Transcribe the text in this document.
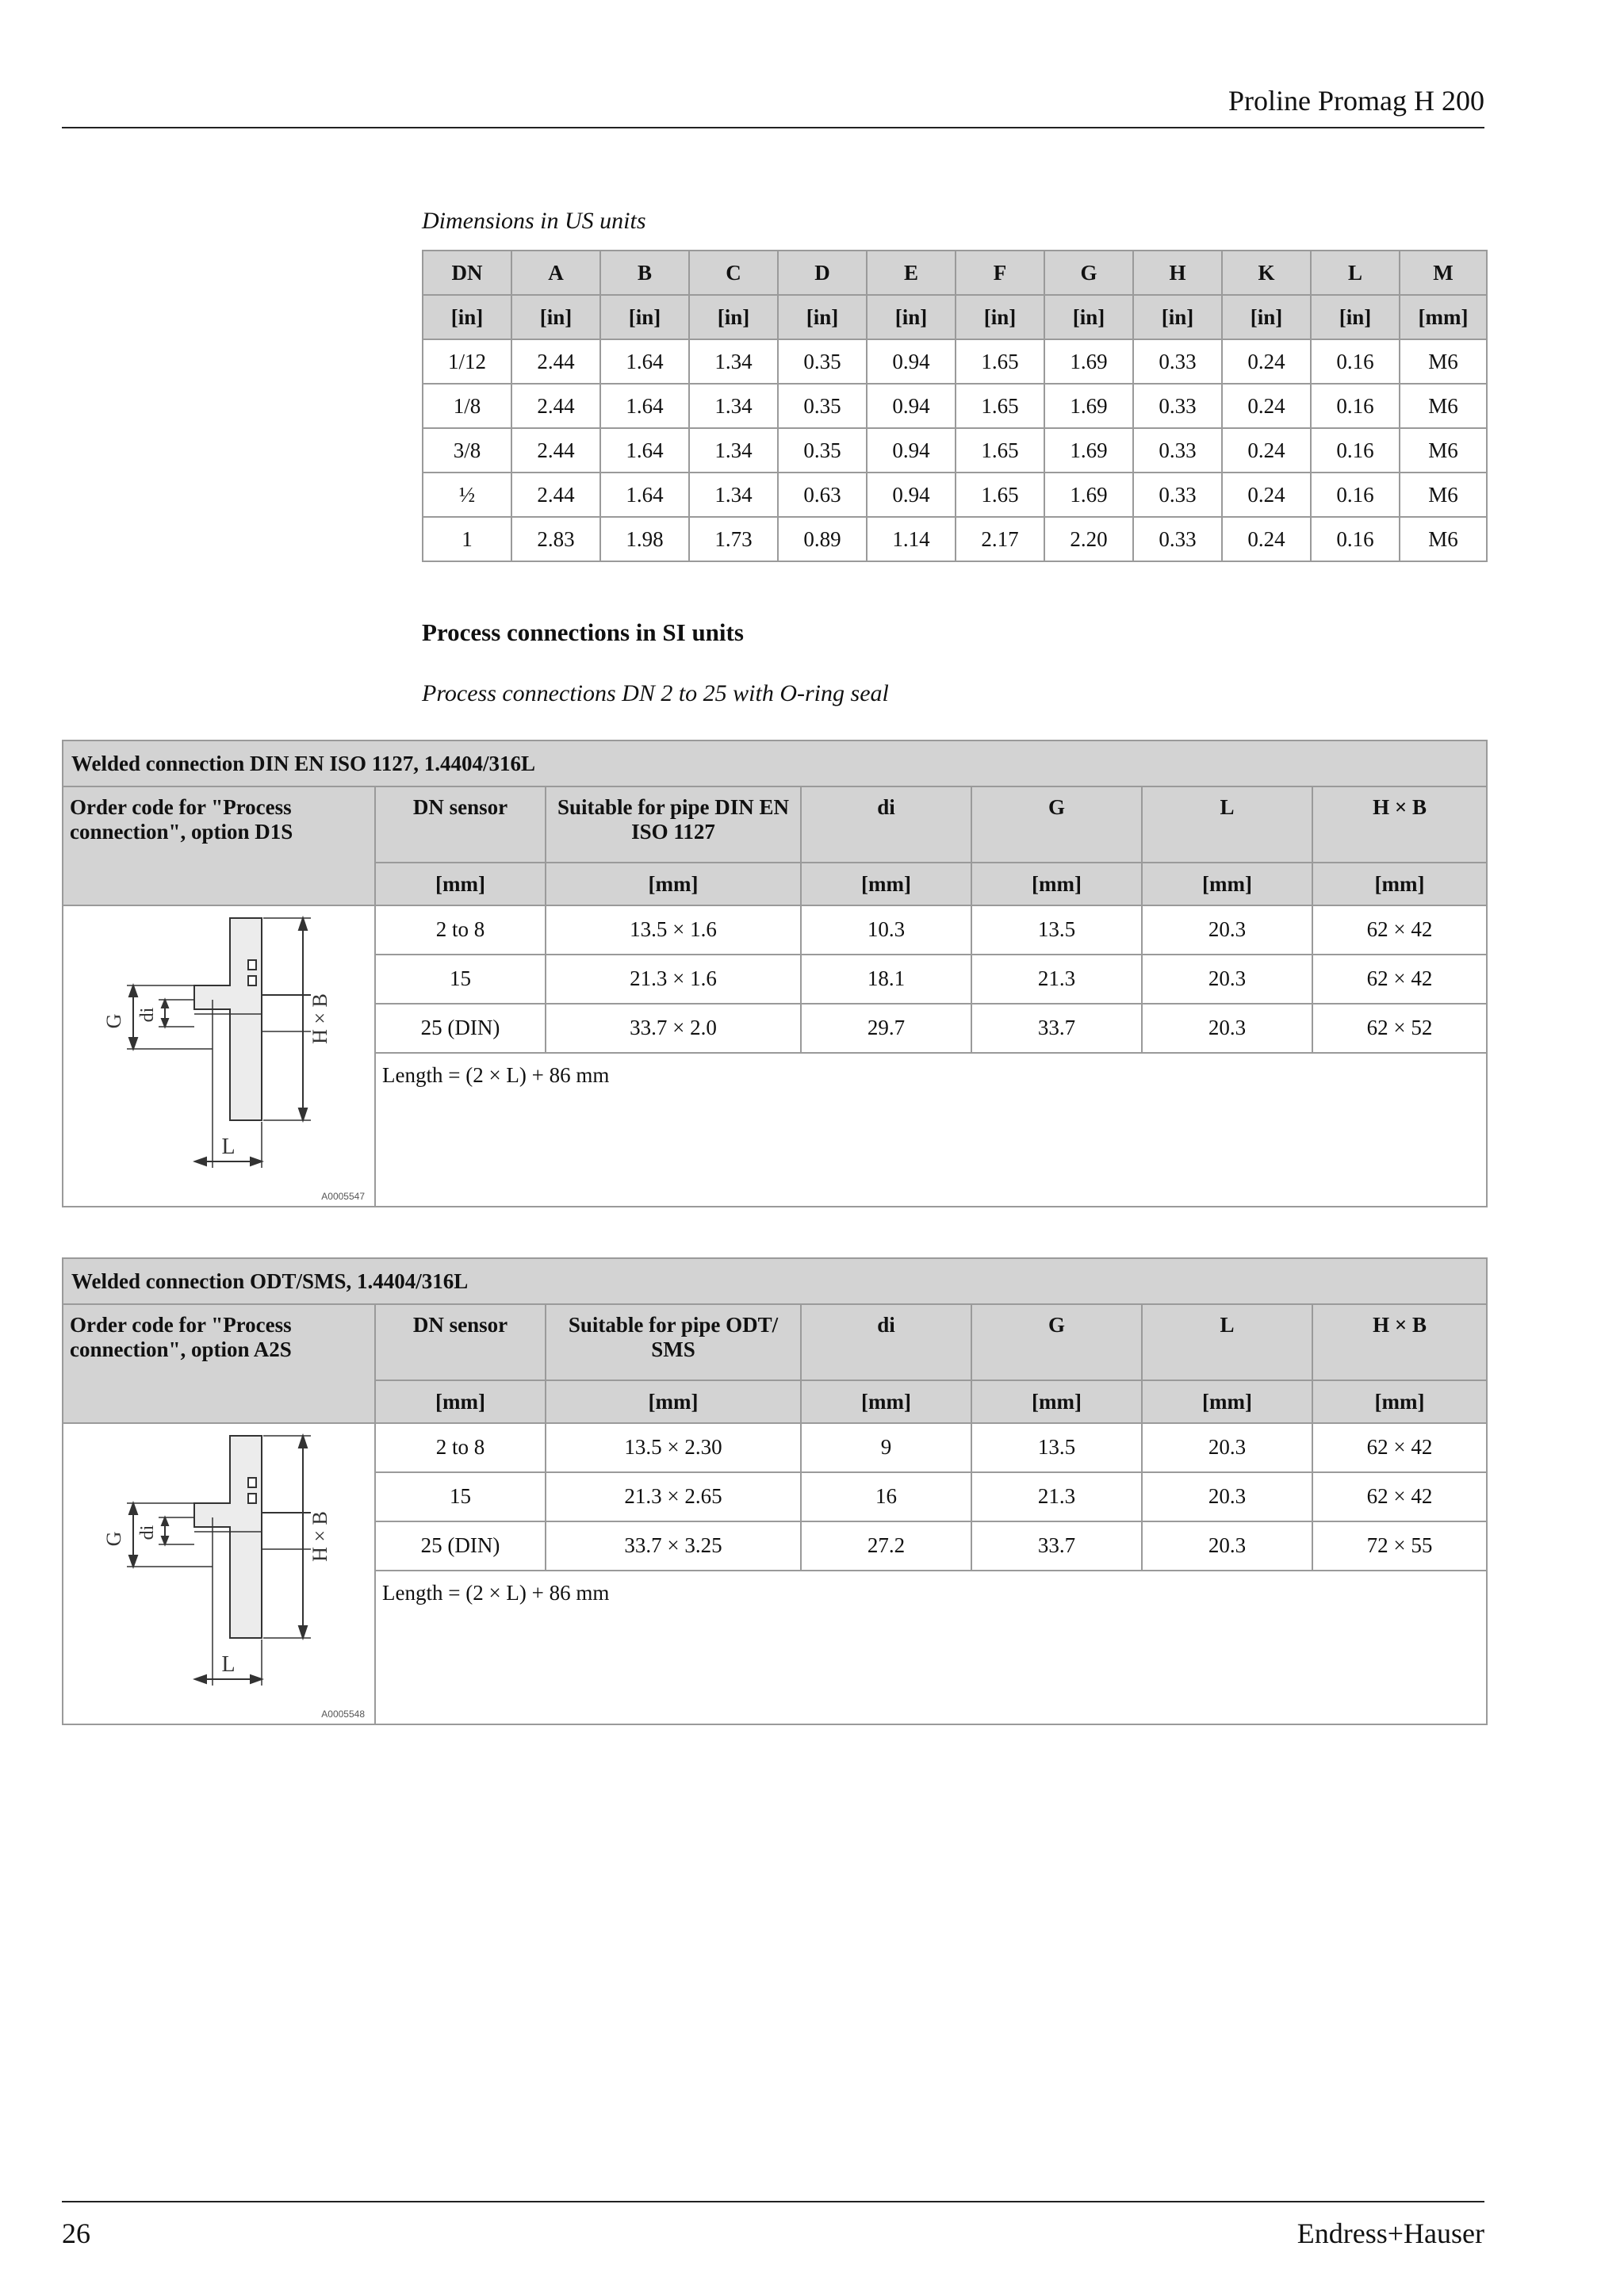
Proline Promag H 200
Dimensions in US units
DN	A	B	C	D	E	F	G	H	K	L	M
[in]	[in]	[in]	[in]	[in]	[in]	[in]	[in]	[in]	[in]	[in]	[mm]
1/12	2.44	1.64	1.34	0.35	0.94	1.65	1.69	0.33	0.24	0.16	M6
1/8	2.44	1.64	1.34	0.35	0.94	1.65	1.69	0.33	0.24	0.16	M6
3/8	2.44	1.64	1.34	0.35	0.94	1.65	1.69	0.33	0.24	0.16	M6
½	2.44	1.64	1.34	0.63	0.94	1.65	1.69	0.33	0.24	0.16	M6
1	2.83	1.98	1.73	0.89	1.14	2.17	2.20	0.33	0.24	0.16	M6
Process connections in SI units
Process connections DN 2 to 25 with O-ring seal
Welded connection DIN EN ISO 1127, 1.4404/316L						
Order code for "Process connection", option D1S	DN sensor	Suitable for pipe DIN EN ISO 1127	di	G	L	H × B
	[mm]	[mm]	[mm]	[mm]	[mm]	[mm]

G di H × B
L
A0005547	2 to 8	13.5 × 1.6	10.3	13.5	20.3	62 × 42
	15	21.3 × 1.6	18.1	21.3	20.3	62 × 42
	25 (DIN)	33.7 × 2.0	29.7	33.7	20.3	62 × 52
	Length = (2 × L) + 86 mm					
Welded connection ODT/SMS, 1.4404/316L						
Order code for "Process connection", option A2S	DN sensor	Suitable for pipe ODT/ SMS	di	G	L	H × B
	[mm]	[mm]	[mm]	[mm]	[mm]	[mm]

G di H × B
L
A0005548	2 to 8	13.5 × 2.30	9	13.5	20.3	62 × 42
	15	21.3 × 2.65	16	21.3	20.3	62 × 42
	25 (DIN)	33.7 × 3.25	27.2	33.7	20.3	72 × 55
	Length = (2 × L) + 86 mm					
26	Endress+Hauser
